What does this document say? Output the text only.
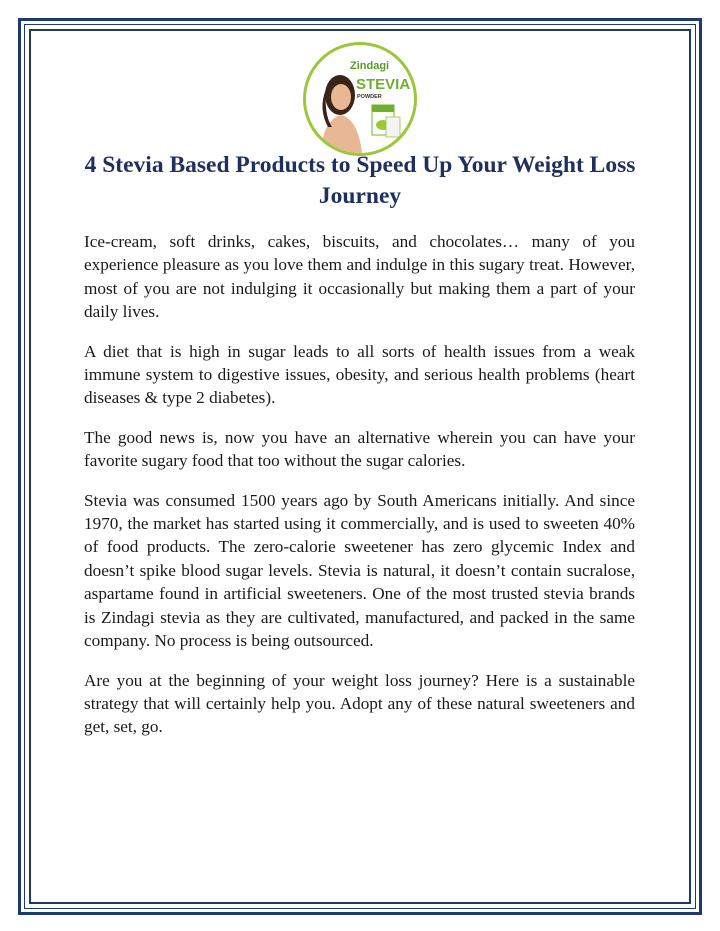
Zindagi
STEVIA
POWDER
4 Stevia Based Products to Speed Up Your Weight Loss Journey

Ice-cream, soft drinks, cakes, biscuits, and chocolates… many of you experience pleasure as you love them and indulge in this sugary treat. However, most of you are not indulging it occasionally but making them a part of your daily lives.

A diet that is high in sugar leads to all sorts of health issues from a weak immune system to digestive issues, obesity, and serious health problems (heart diseases & type 2 diabetes).

The good news is, now you have an alternative wherein you can have your favorite sugary food that too without the sugar calories.

Stevia was consumed 1500 years ago by South Americans initially. And since 1970, the market has started using it commercially, and is used to sweeten 40% of food products. The zero-calorie sweetener has zero glycemic Index and doesn’t spike blood sugar levels. Stevia is natural, it doesn’t contain sucralose, aspartame found in artificial sweeteners. One of the most trusted stevia brands is Zindagi stevia as they are cultivated, manufactured, and packed in the same company. No process is being outsourced.

Are you at the beginning of your weight loss journey? Here is a sustainable strategy that will certainly help you. Adopt any of these natural sweeteners and get, set, go.
